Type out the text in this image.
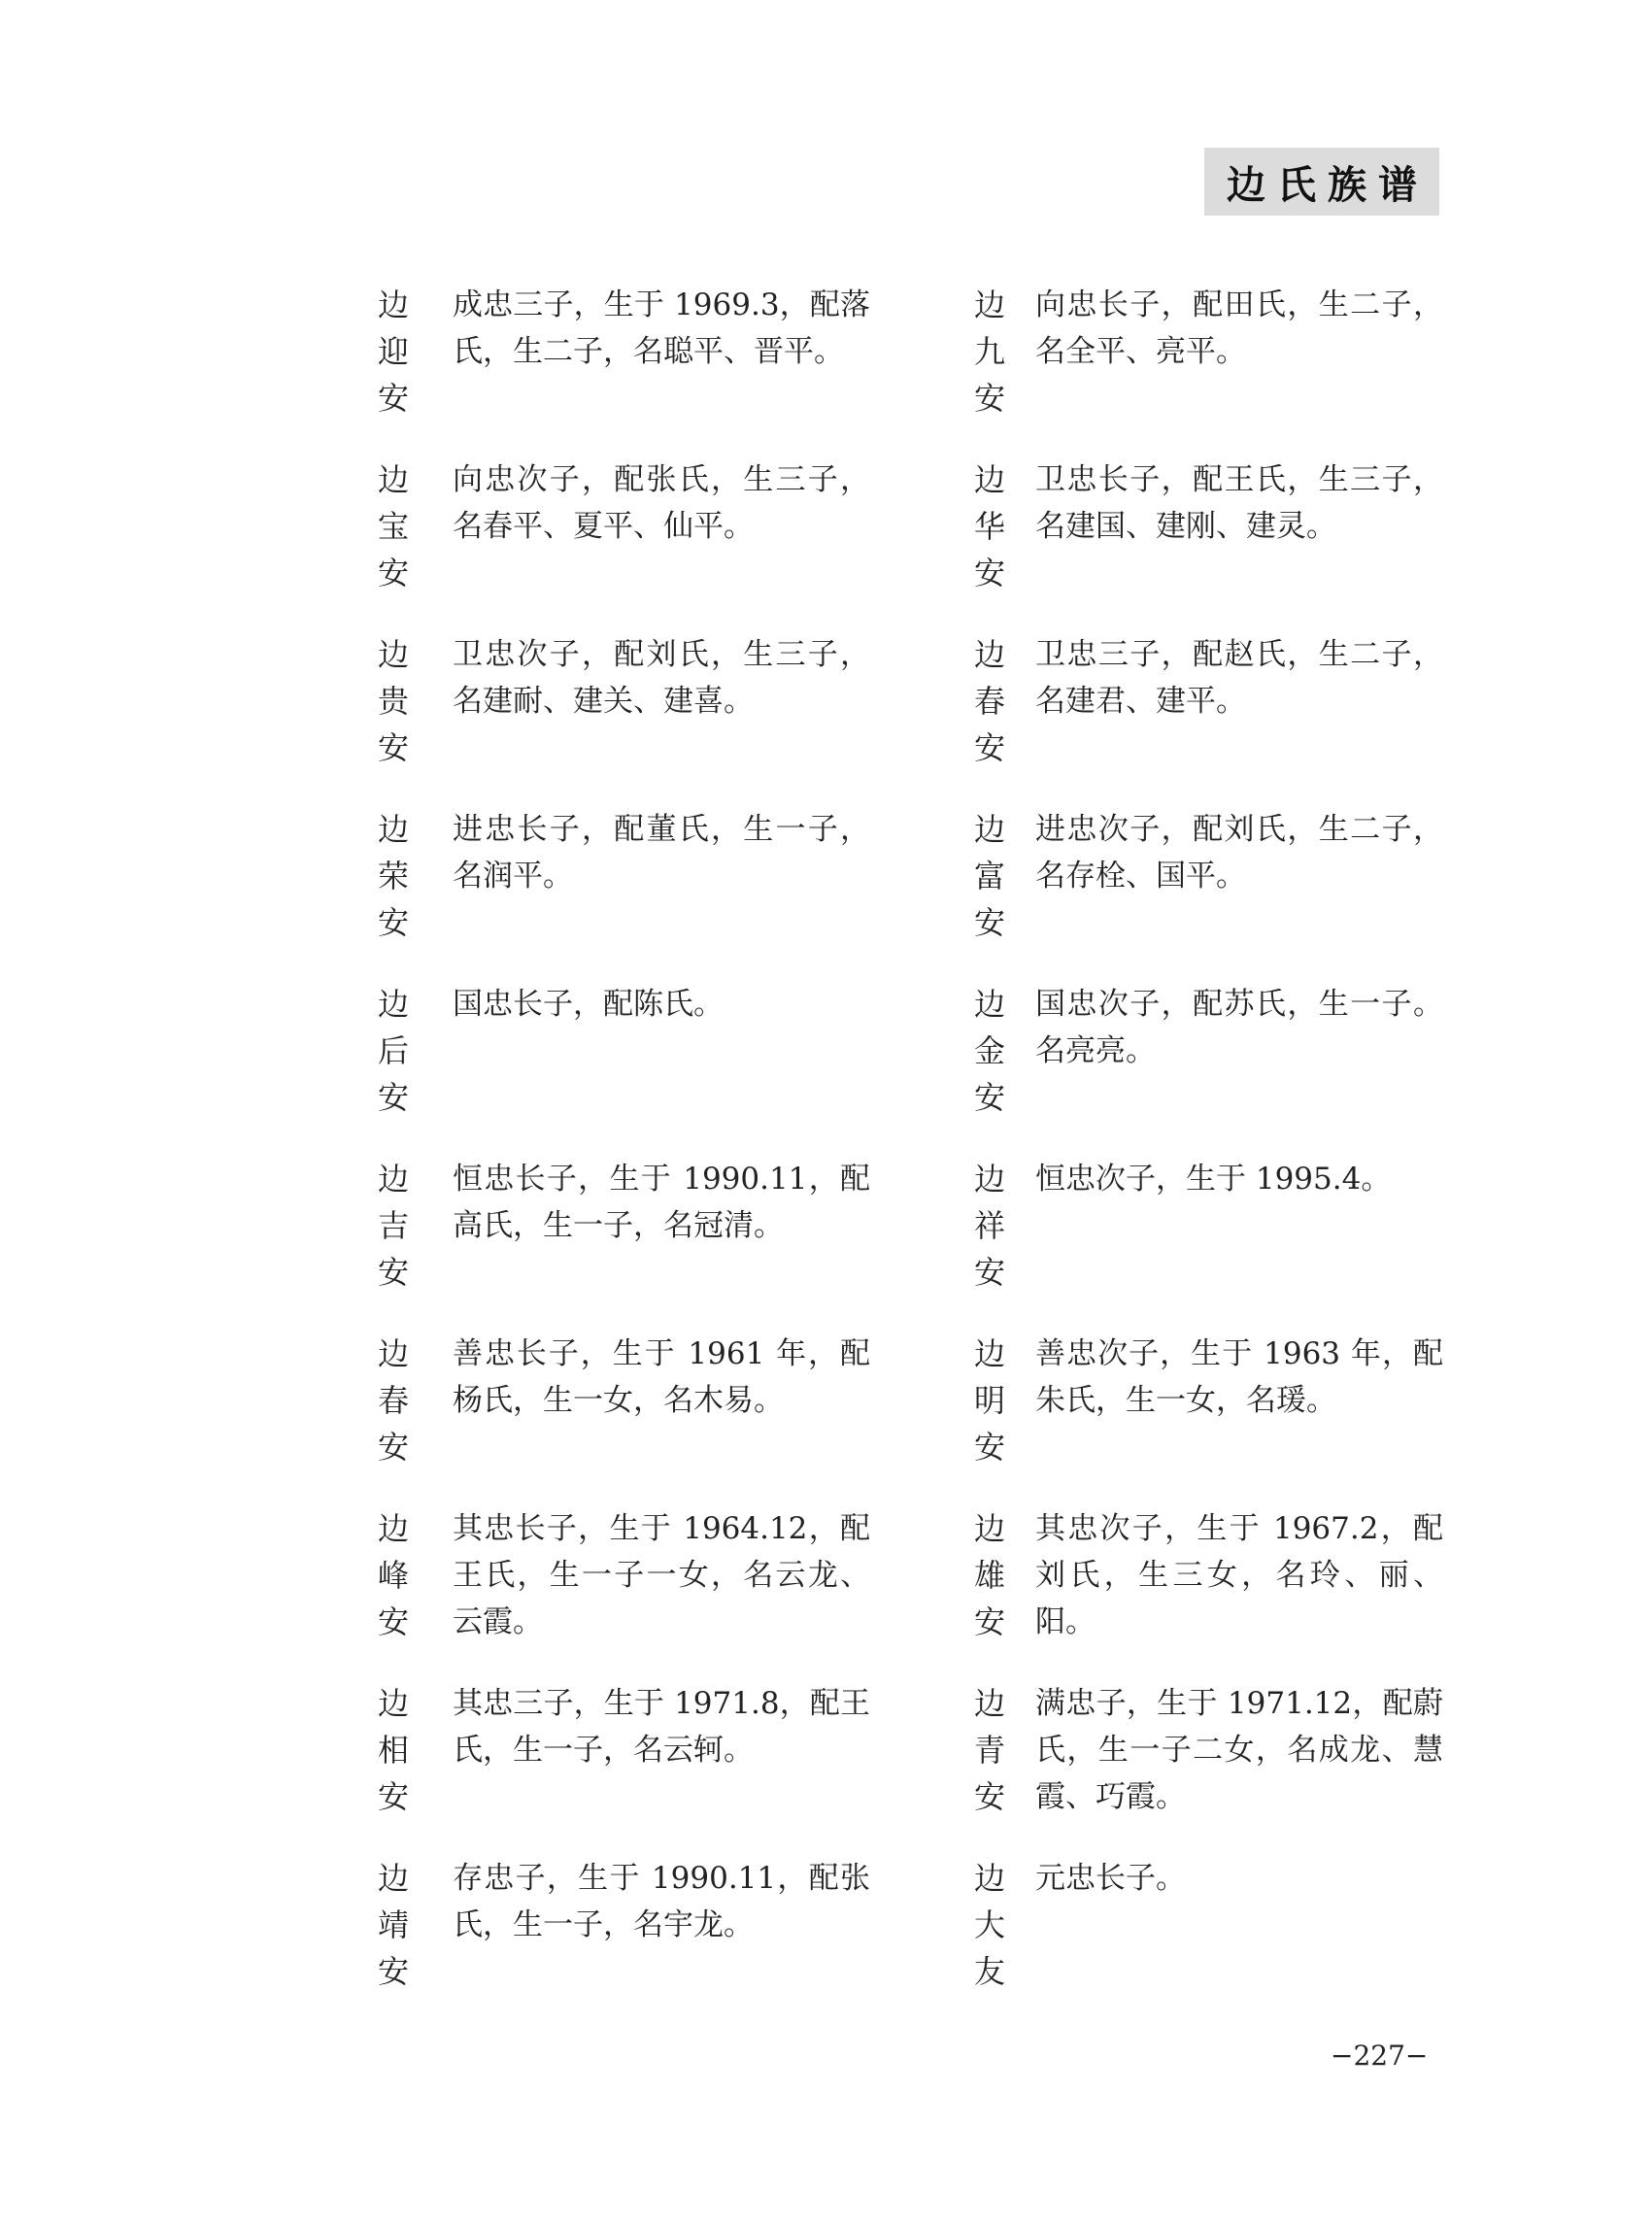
边氏族谱
边
迎
安
成忠三子，生于 1969.3，配落氏，生二子，名聪平、晋平。
边
宝
安
向忠次子，配张氏，生三子，名春平、夏平、仙平。
边
贵
安
卫忠次子，配刘氏，生三子，名建耐、建关、建喜。
边
荣
安
进忠长子，配董氏，生一子，名润平。
边
后
安
国忠长子，配陈氏。
边
吉
安
恒忠长子，生于 1990.11，配高氏，生一子，名冠清。
边
春
安
善忠长子，生于 1961 年，配杨氏，生一女，名木易。
边
峰
安
其忠长子，生于 1964.12，配王氏，生一子一女，名云龙、云霞。
边
相
安
其忠三子，生于 1971.8，配王氏，生一子，名云轲。
边
靖
安
存忠子，生于 1990.11，配张氏，生一子，名宇龙。
边
九
安
向忠长子，配田氏，生二子，名全平、亮平。
边
华
安
卫忠长子，配王氏，生三子，名建国、建刚、建灵。
边
春
安
卫忠三子，配赵氏，生二子，名建君、建平。
边
富
安
进忠次子，配刘氏，生二子，名存栓、国平。
边
金
安
国忠次子，配苏氏，生一子。名亮亮。
边
祥
安
恒忠次子，生于 1995.4。
边
明
安
善忠次子，生于 1963 年，配朱氏，生一女，名瑗。
边
雄
安
其忠次子，生于 1967.2，配刘氏，生三女，名玲、丽、阳。
边
青
安
满忠子，生于 1971.12，配蔚氏，生一子二女，名成龙、慧霞、巧霞。
边
大
友
元忠长子。
−227−
